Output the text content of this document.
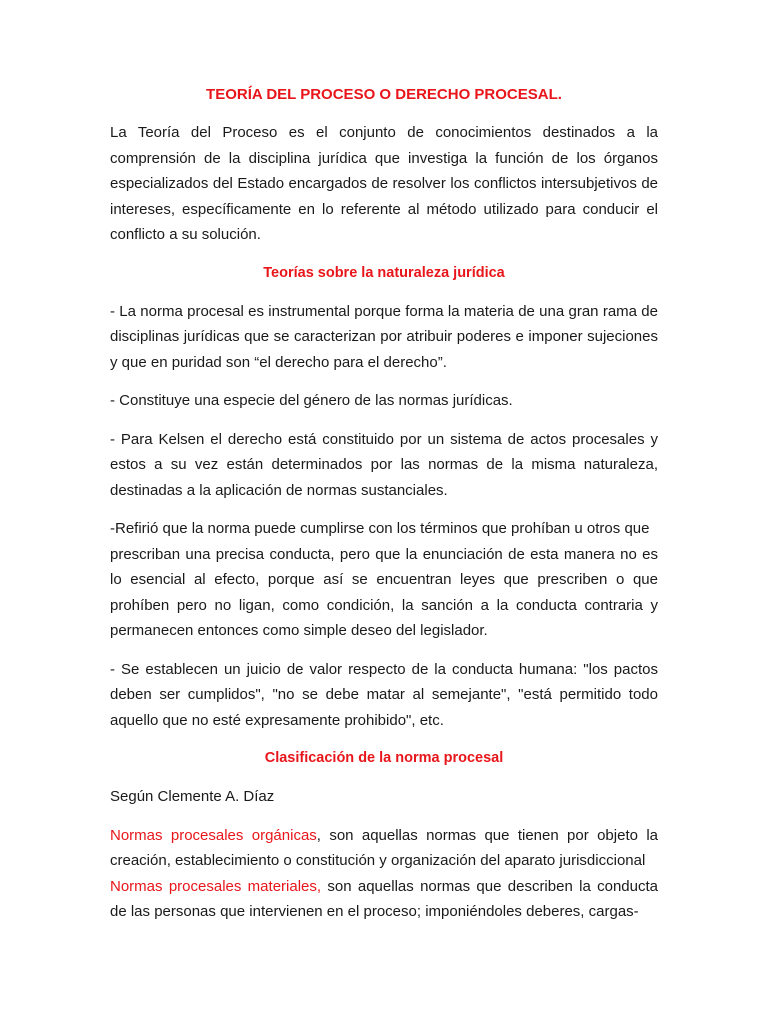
TEORÍA DEL PROCESO O DERECHO PROCESAL.

La Teoría del Proceso es el conjunto de conocimientos destinados a la comprensión de la disciplina jurídica que investiga la función de los órganos especializados del Estado encargados de resolver los conflictos intersubjetivos de intereses, específicamente en lo referente al método utilizado para conducir el conflicto a su solución.

Teorías sobre la naturaleza jurídica

- La norma procesal es instrumental porque forma la materia de una gran rama de disciplinas jurídicas que se caracterizan por atribuir poderes e imponer sujeciones y que en puridad son “el derecho para el derecho”.

- Constituye una especie del género de las normas jurídicas.

- Para Kelsen el derecho está constituido por un sistema de actos procesales y estos a su vez están determinados por las normas de la misma naturaleza, destinadas a la aplicación de normas sustanciales.

-Refirió que la norma puede cumplirse con los términos que prohíban u otros que
prescriban una precisa conducta, pero que la enunciación de esta manera no es lo esencial al efecto, porque así se encuentran leyes que prescriben o que prohíben pero no ligan, como condición, la sanción a la conducta contraria y permanecen entonces como simple deseo del legislador.

- Se establecen un juicio de valor respecto de la conducta humana: "los pactos deben ser cumplidos", "no se debe matar al semejante", "está permitido todo aquello que no esté expresamente prohibido", etc.

Clasificación de la norma procesal

Según Clemente A. Díaz

Normas procesales orgánicas, son aquellas normas que tienen por objeto la creación, establecimiento o constitución y organización del aparato jurisdiccional
Normas procesales materiales, son aquellas normas que describen la conducta de las personas que intervienen en el proceso; imponiéndoles deberes, cargas-
